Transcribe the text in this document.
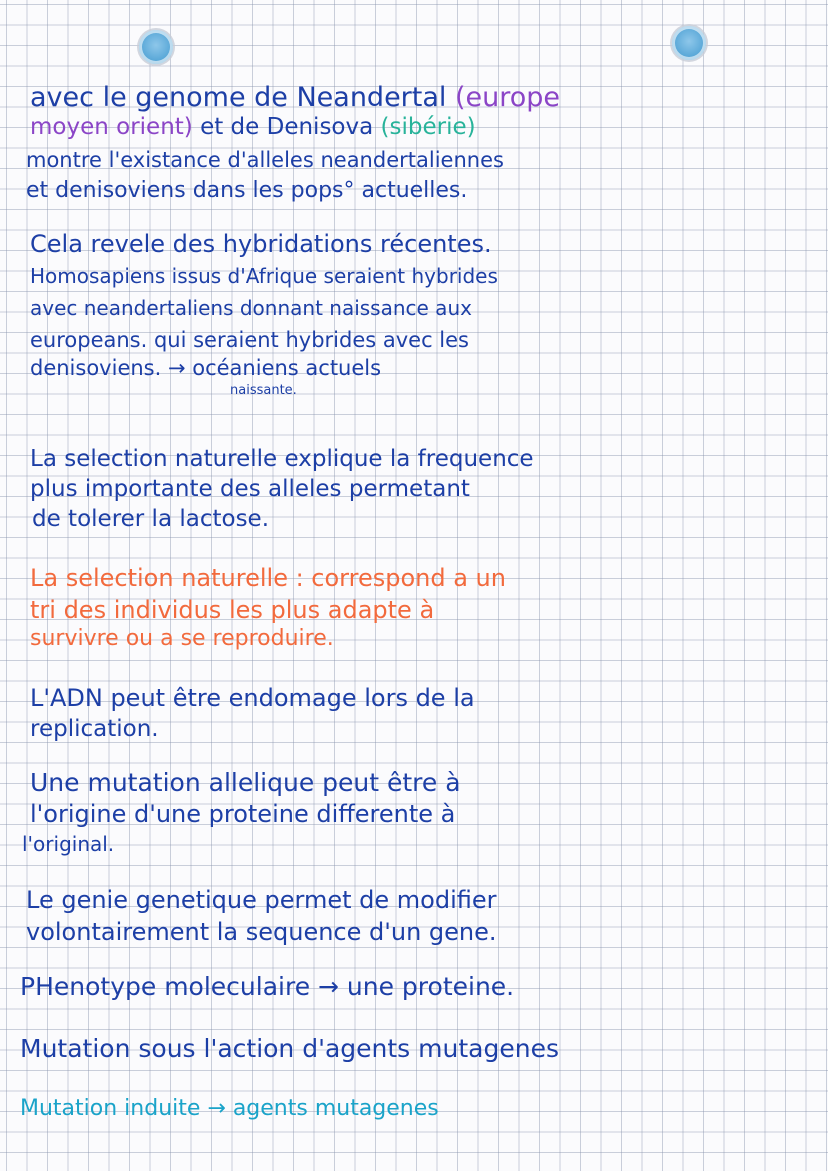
avec le genome de Neandertal (europe
moyen orient) et de Denisova (sibérie)
montre l'existance d'alleles neandertaliennes
et denisoviens dans les pops° actuelles.
Cela revele des hybridations récentes.
Homosapiens issus d'Afrique seraient hybrides
avec neandertaliens donnant naissance aux
europeans. qui seraient hybrides avec les
denisoviens. → océaniens actuels
naissante.
La selection naturelle explique la frequence
plus importante des alleles permetant
de tolerer la lactose.
La selection naturelle : correspond a un
tri des individus les plus adapte à
survivre ou a se reproduire.
L'ADN peut être endomage lors de la
replication.
Une mutation allelique peut être à
l'origine d'une proteine differente à
l'original.
Le genie genetique permet de modifier
volontairement la sequence d'un gene.
PHenotype moleculaire → une proteine.
Mutation sous l'action d'agents mutagenes
Mutation induite → agents mutagenes
